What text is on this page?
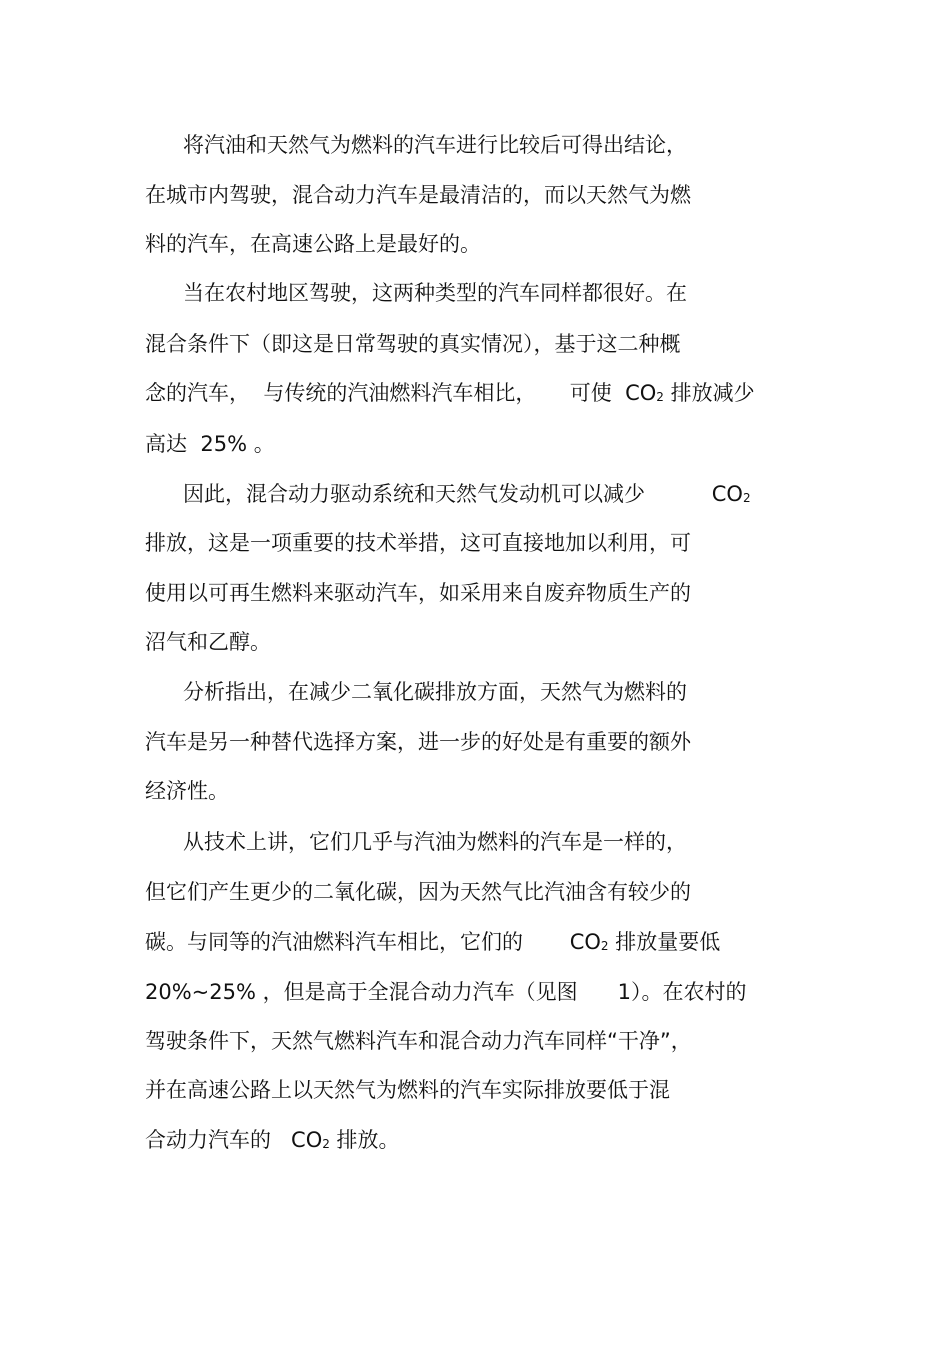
将汽油和天然气为燃料的汽车进行比较后可得出结论，
在城市内驾驶，混合动力汽车是最清洁的，而以天然气为燃
料的汽车，在高速公路上是最好的。
当在农村地区驾驶，这两种类型的汽车同样都很好。在
混合条件下（即这是日常驾驶的真实情况），基于这二种概
念的汽车，  与传统的汽油燃料汽车相比，     可使  CO2 排放减少
高达  25% 。
因此，混合动力驱动系统和天然气发动机可以减少          CO2
排放，这是一项重要的技术举措，这可直接地加以利用，可
使用以可再生燃料来驱动汽车，如采用来自废弃物质生产的
沼气和乙醇。
分析指出，在减少二氧化碳排放方面，天然气为燃料的
汽车是另一种替代选择方案，进一步的好处是有重要的额外
经济性。
从技术上讲，它们几乎与汽油为燃料的汽车是一样的，
但它们产生更少的二氧化碳，因为天然气比汽油含有较少的
碳。与同等的汽油燃料汽车相比，它们的       CO2 排放量要低
20%~25% ，但是高于全混合动力汽车（见图      1）。在农村的
驾驶条件下，天然气燃料汽车和混合动力汽车同样“干净”，
并在高速公路上以天然气为燃料的汽车实际排放要低于混
合动力汽车的   CO2 排放。
